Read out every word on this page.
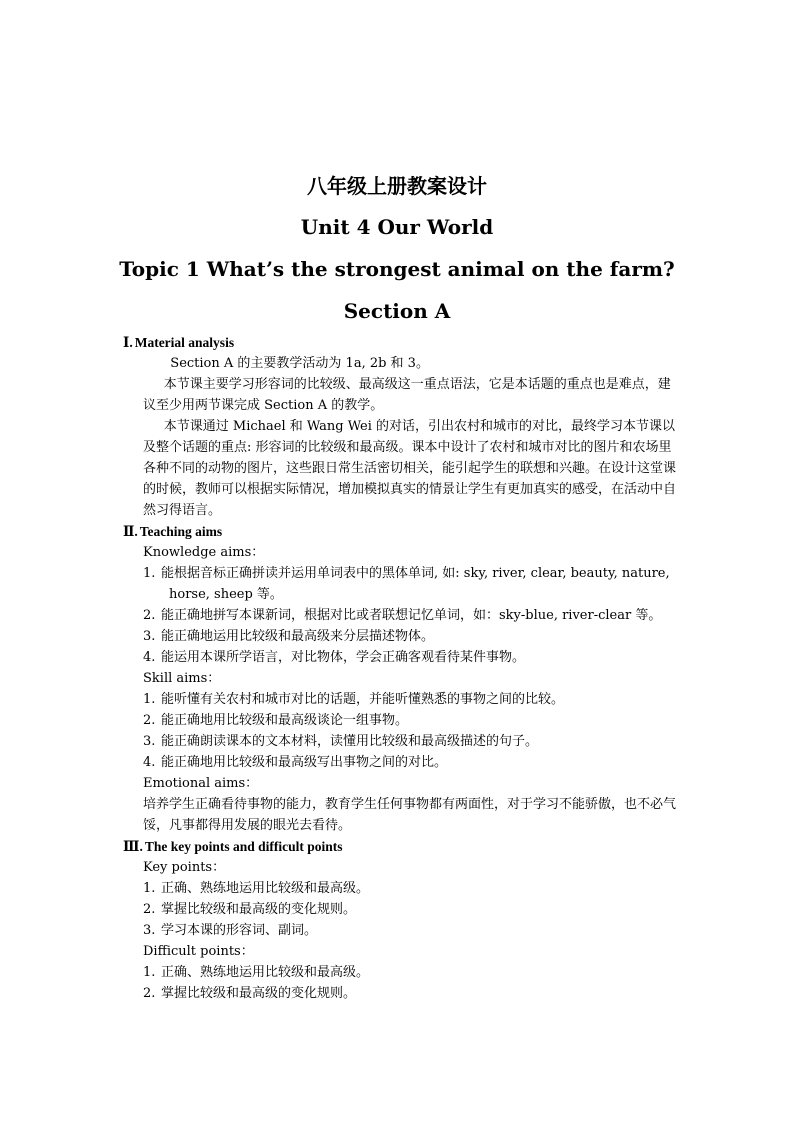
八年级上册教案设计
Unit 4 Our World
Topic 1 What’s the strongest animal on the farm?
Section A

Ⅰ. Material analysis

Section A 的主要教学活动为 1a, 2b 和 3。

本节课主要学习形容词的比较级、最高级这一重点语法，它是本话题的重点也是难点，建议至少用两节课完成 Section A 的教学。

本节课通过 Michael 和 Wang Wei 的对话，引出农村和城市的对比，最终学习本节课以及整个话题的重点: 形容词的比较级和最高级。课本中设计了农村和城市对比的图片和农场里各种不同的动物的图片，这些跟日常生活密切相关，能引起学生的联想和兴趣。在设计这堂课的时候，教师可以根据实际情况，增加模拟真实的情景让学生有更加真实的感受，在活动中自然习得语言。

Ⅱ. Teaching aims

Knowledge aims：

1. 能根据音标正确拼读并运用单词表中的黑体单词, 如: sky, river, clear, beauty, nature,
horse, sheep 等。
2. 能正确地拼写本课新词，根据对比或者联想记忆单词，如：sky-blue, river-clear 等。
3. 能正确地运用比较级和最高级来分层描述物体。
4. 能运用本课所学语言，对比物体，学会正确客观看待某件事物。

Skill aims：

1. 能听懂有关农村和城市对比的话题，并能听懂熟悉的事物之间的比较。
2. 能正确地用比较级和最高级谈论一组事物。
3. 能正确朗读课本的文本材料，读懂用比较级和最高级描述的句子。
4. 能正确地用比较级和最高级写出事物之间的对比。

Emotional aims：

培养学生正确看待事物的能力，教育学生任何事物都有两面性，对于学习不能骄傲，也不必气馁，凡事都得用发展的眼光去看待。

Ⅲ. The key points and difficult points

Key points：

1. 正确、熟练地运用比较级和最高级。
2. 掌握比较级和最高级的变化规则。
3. 学习本课的形容词、副词。

Difficult points：

1. 正确、熟练地运用比较级和最高级。
2. 掌握比较级和最高级的变化规则。
